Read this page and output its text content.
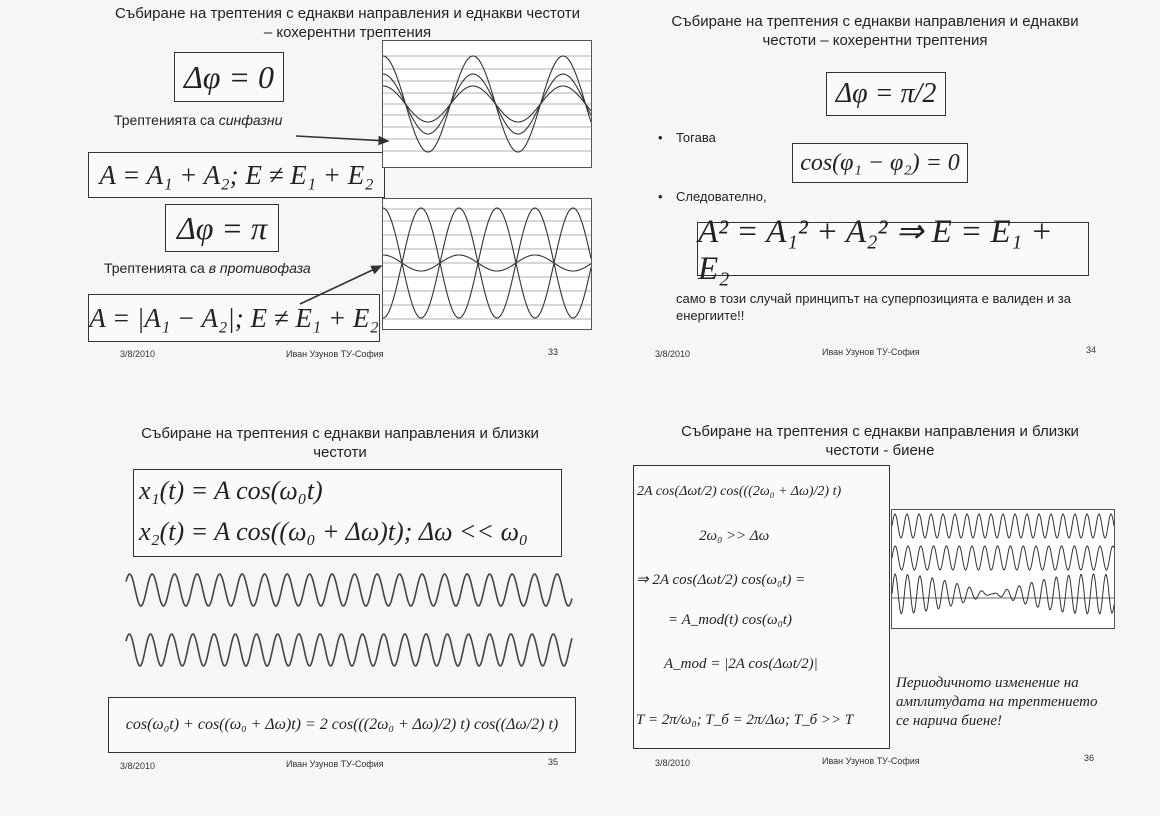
Събиране на трептения с еднакви направления и еднакви честоти – кохерентни трептения
Δφ = 0
Трептенията са синфазни
A = A₁ + A₂; E ≠ E₁ + E₂
Δφ = π
Трептенията са в противофаза
A = |A₁ − A₂|; E ≠ E₁ + E₂
3/8/2010	Иван Узунов ТУ-София	33
Събиране на трептения с еднакви направления и еднакви честоти – кохерентни трептения
Δφ = π/2
• Тогава
cos(φ₁ − φ₂) = 0
• Следователно,
A² = A₁² + A₂² ⇒ E = E₁ + E₂
само в този случай принципът на суперпозицията е валиден и за енергиите!!
3/8/2010	Иван Узунов ТУ-София	34
Събиране на трептения с еднакви направления и близки честоти
x₁(t) = A cos(ω₀t)
x₂(t) = A cos((ω₀ + Δω)t); Δω << ω₀
cos(ω₀t) + cos((ω₀ + Δω)t) = 2 cos(((2ω₀ + Δω)/2) t) cos((Δω/2) t)
3/8/2010	Иван Узунов ТУ-София	35
Събиране на трептения с еднакви направления и близки честоти - биене
2A cos(Δωt/2) cos(((2ω₀ + Δω)/2) t)
2ω₀ >> Δω
⇒ 2A cos(Δωt/2) cos(ω₀t) =
= A_mod(t) cos(ω₀t)
A_mod = |2A cos(Δωt/2)|
T = 2π/ω₀; T_б = 2π/Δω; T_б >> T
Периодичното изменение на амплитудата на трептението се нарича биене!
3/8/2010	Иван Узунов ТУ-София	36
